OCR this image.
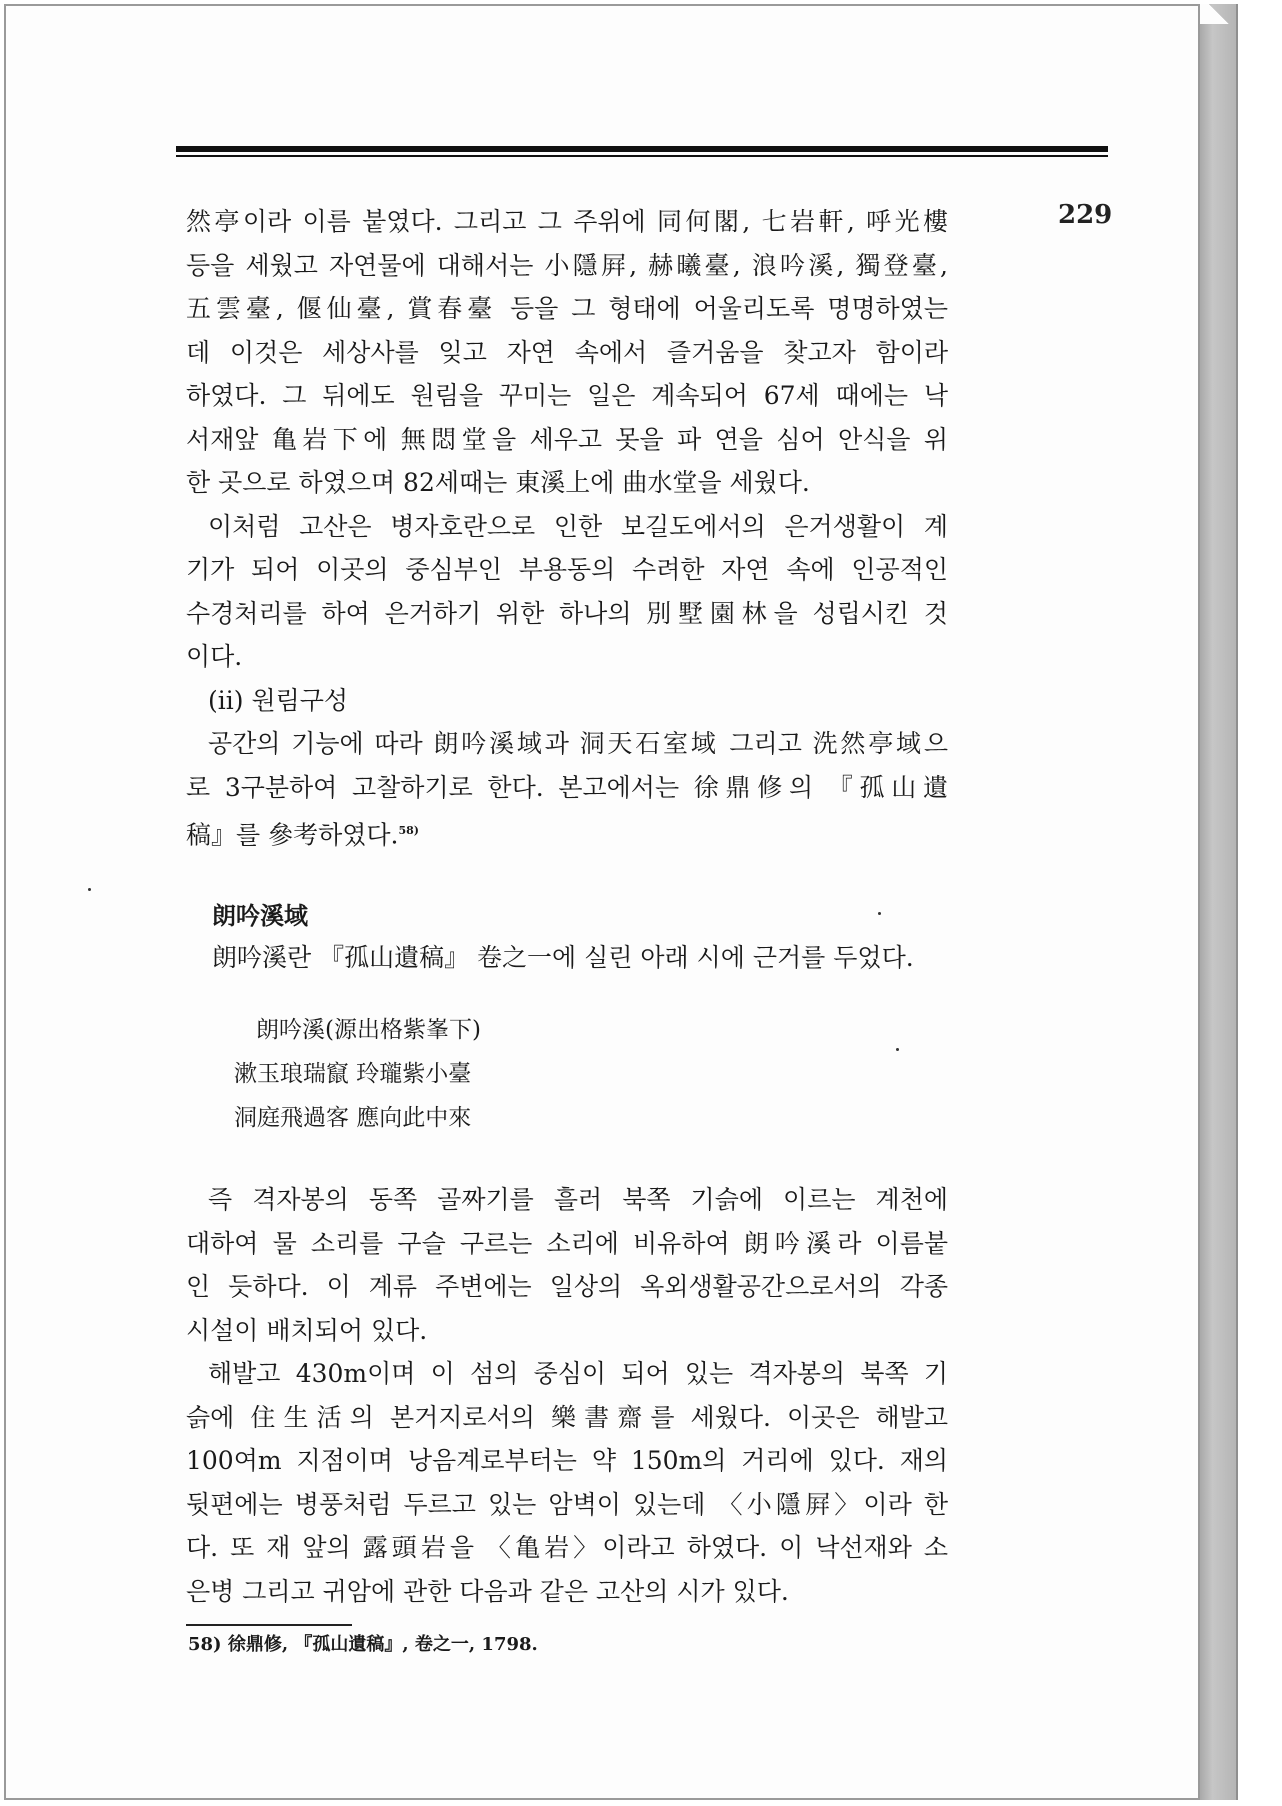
229
然亭이라 이름 붙였다. 그리고 그 주위에 同何閣, 七岩軒, 呼光樓
등을 세웠고 자연물에 대해서는 小隱屛, 赫曦臺, 浪吟溪, 獨登臺,
五雲臺, 偃仙臺, 賞春臺 등을 그 형태에 어울리도록 명명하였는
데 이것은 세상사를 잊고 자연 속에서 즐거움을 찾고자 함이라
하였다. 그 뒤에도 원림을 꾸미는 일은 계속되어 67세 때에는 낙
서재앞 亀岩下에 無悶堂을 세우고 못을 파 연을 심어 안식을 위
한 곳으로 하였으며 82세때는 東溪上에 曲水堂을 세웠다.
이처럼 고산은 병자호란으로 인한 보길도에서의 은거생활이 계
기가 되어 이곳의 중심부인 부용동의 수려한 자연 속에 인공적인
수경처리를 하여 은거하기 위한 하나의 別墅園林을 성립시킨 것
이다.
(ii) 원림구성
공간의 기능에 따라 朗吟溪域과 洞天石室域 그리고 洗然亭域으
로 3구분하여 고찰하기로 한다. 본고에서는 徐鼎修의 『孤山遺
稿』를 參考하였다.$^{58)}$
朗吟溪域
朗吟溪란 『孤山遺稿』 卷之一에 실린 아래 시에 근거를 두었다.
朗吟溪(源出格紫峯下)
漱玉琅瑞竄 玲瓏紫小臺
洞庭飛過客 應向此中來
즉 격자봉의 동쪽 골짜기를 흘러 북쪽 기슭에 이르는 계천에
대하여 물 소리를 구슬 구르는 소리에 비유하여 朗吟溪라 이름붙
인 듯하다. 이 계류 주변에는 일상의 옥외생활공간으로서의 각종
시설이 배치되어 있다.
해발고 430m이며 이 섬의 중심이 되어 있는 격자봉의 북쪽 기
슭에 住生活의 본거지로서의 樂書齋를 세웠다. 이곳은 해발고
100여m 지점이며 낭음계로부터는 약 150m의 거리에 있다. 재의
뒷편에는 병풍처럼 두르고 있는 암벽이 있는데 〈小隱屛〉이라 한
다. 또 재 앞의 露頭岩을 〈亀岩〉이라고 하였다. 이 낙선재와 소
은병 그리고 귀암에 관한 다음과 같은 고산의 시가 있다.
58) 徐鼎修, 『孤山遺稿』, 卷之一, 1798.
